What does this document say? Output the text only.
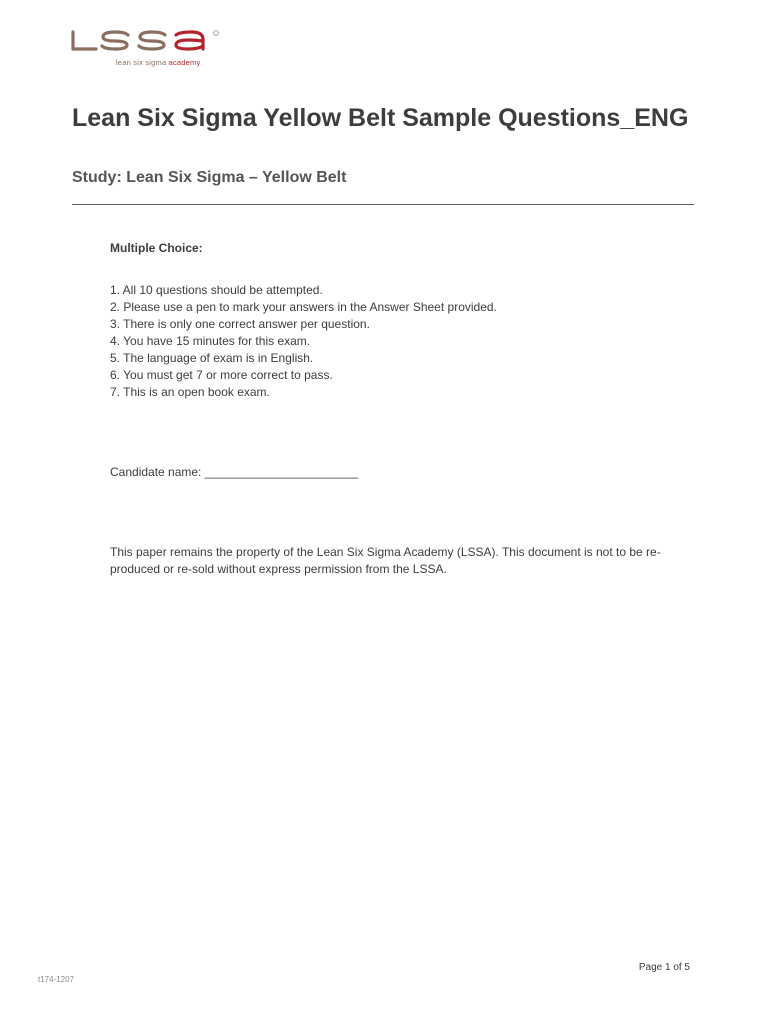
lean six sigma academy
Lean Six Sigma Yellow Belt Sample Questions_ENG
Study: Lean Six Sigma – Yellow Belt
Multiple Choice:
1. All 10 questions should be attempted.
2. Please use a pen to mark your answers in the Answer Sheet provided.
3. There is only one correct answer per question.
4. You have 15 minutes for this exam.
5. The language of exam is in English.
6. You must get 7 or more correct to pass.
7. This is an open book exam.
Candidate name: _______________________

This paper remains the property of the Lean Six Sigma Academy (LSSA). This document is not to be re-produced or re-sold without express permission from the LSSA.

Page 1 of 5
t174-1207
